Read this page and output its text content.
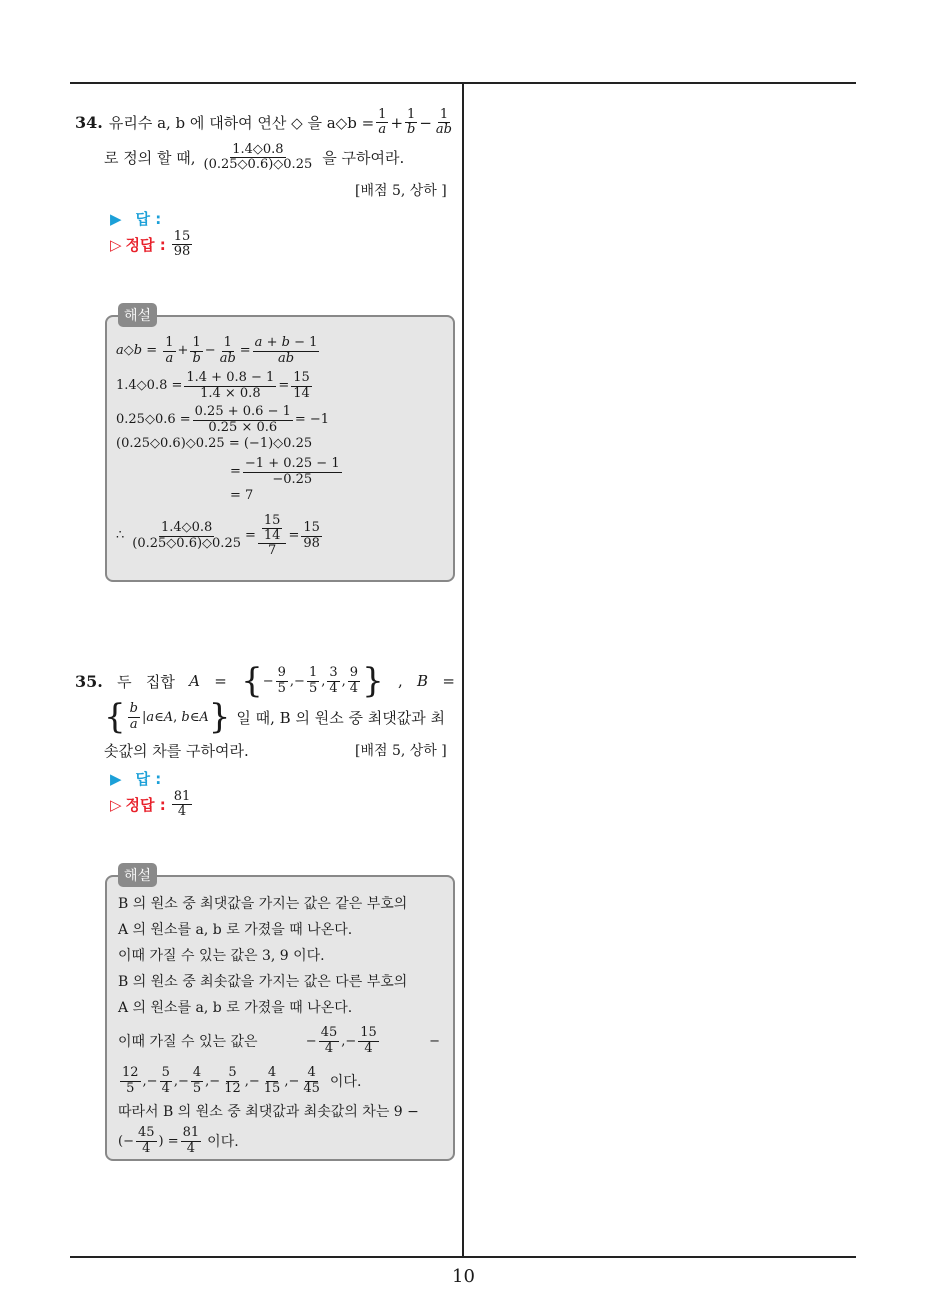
10
34. 유리수 a, b 에 대하여 연산 ◇ 을 a◇b = $\frac{1}{a} + \frac{1}{b} - \frac{1}{ab}$
로 정의 할 때, $\frac{1.4◇0.8}{(0.25◇0.6)◇0.25}$ 을 구하여라.
[배점 5, 상하 ]
▶ 답 :
▷ 정답 : $\frac{15}{98}$
해설
a ◇ $b = \frac{1}{a} + \frac{1}{b} - \frac{1}{ab} = \frac{a + b - 1}{ab}$
1.4◇0.8 = $\frac{1.4 + 0.8 - 1}{1.4 \times 0.8} = \frac{15}{14}$
0.25◇0.6 = $\frac{0.25 + 0.6 - 1}{0.25 \times 0.6} = -1$
(0.25◇0.6)◇0.25 = (−1)◇0.25
= $\frac{-1 + 0.25 - 1}{-0.25}$
= 7
∴ $\frac{1.4◇0.8}{(0.25◇0.6)◇0.25} = \frac{\frac{15}{14}}{7} = \frac{15}{98}$
35. 두 집합 A = { − $\frac{9}{5}$ ,− $\frac{1}{5}$ , $\frac{3}{4}$ , $\frac{9}{4}$ } , B =
{ $\frac{b}{a}$ | a ∈ A , b ∈ A } 일 때, B 의 원소 중 최댓값과 최
솟값의 차를 구하여라.	[배점 5, 상하 ]
▶ 답 :
▷ 정답 : $\frac{81}{4}$
해설
B 의 원소 중 최댓값을 가지는 값은 같은 부호의
A 의 원소를 a, b 로 가졌을 때 나온다.
이때 가질 수 있는 값은 3, 9 이다.
B 의 원소 중 최솟값을 가지는 값은 다른 부호의
A 의 원소를 a, b 로 가졌을 때 나온다.
이때 가질 수 있는 값은	− $\frac{45}{4}$ ,− $\frac{15}{4}$	−
$\frac{12}{5}$ ,− $\frac{5}{4}$ ,− $\frac{4}{5}$ ,− $\frac{5}{12}$ ,− $\frac{4}{15}$ ,− $\frac{4}{45}$ 이다.
따라서 B 의 원소 중 최댓값과 최솟값의 차는 9 −
(− $\frac{45}{4}$ ) = $\frac{81}{4}$ 이다.
